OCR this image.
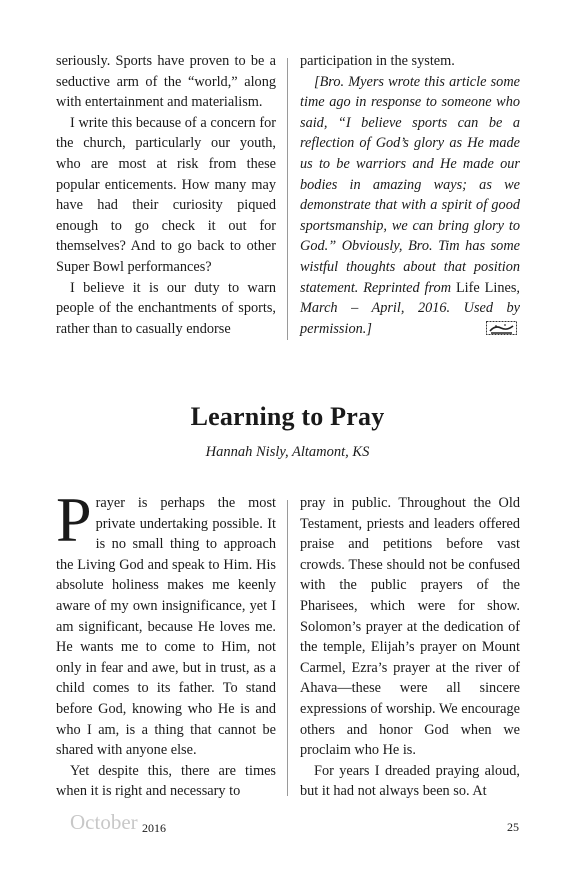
seriously. Sports have proven to be a seductive arm of the “world,” along with entertainment and materialism.

I write this because of a concern for the church, particularly our youth, who are most at risk from these popular enticements. How many may have had their curiosity piqued enough to go check it out for themselves? And to go back to other Super Bowl performances?

I believe it is our duty to warn people of the enchantments of sports, rather than to casually endorse

participation in the system.

[Bro. Myers wrote this article some time ago in response to someone who said, “I believe sports can be a reflection of God’s glory as He made us to be warriors and He made our bodies in amazing ways; as we demonstrate that with a spirit of good sportsmanship, we can bring glory to God.” Obviously, Bro. Tim has some wistful thoughts about that position statement. Reprinted from Life Lines, March – April, 2016. Used by permission.]

Learning to Pray
Hannah Nisly, Altamont, KS

Prayer is perhaps the most private undertaking possible. It is no small thing to approach the Living God and speak to Him. His absolute holiness makes me keenly aware of my own insignificance, yet I am significant, because He loves me. He wants me to come to Him, not only in fear and awe, but in trust, as a child comes to its father. To stand before God, knowing who He is and who I am, is a thing that cannot be shared with anyone else.

Yet despite this, there are times when it is right and necessary to

pray in public. Throughout the Old Testament, priests and leaders offered praise and petitions before vast crowds. These should not be confused with the public prayers of the Pharisees, which were for show. Solomon’s prayer at the dedication of the temple, Elijah’s prayer on Mount Carmel, Ezra’s prayer at the river of Ahava—these were all sincere expressions of worship. We encourage others and honor God when we proclaim who He is.

For years I dreaded praying aloud, but it had not always been so. At

October 2016	25
